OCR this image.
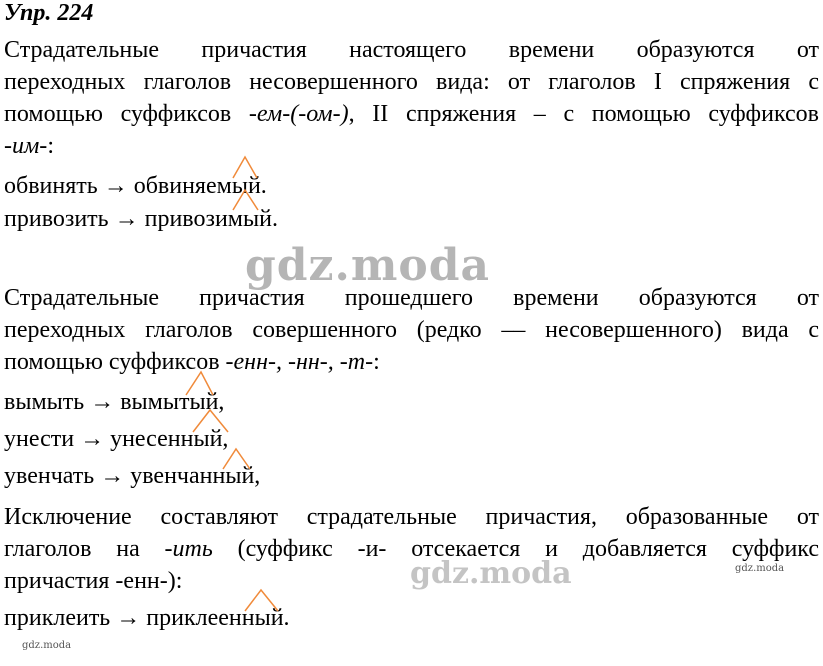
Упр. 224
Страдательные причастия настоящего времени образуются от
переходных глаголов несовершенного вида: от глаголов I спряжения с
помощью суффиксов -ем-(-ом-), II спряжения – с помощью суффиксов
-им-:
обвинять → обвиняемый.
привозить → привозимый.
gdz.moda
Страдательные причастия прошедшего времени образуются от
переходных глаголов совершенного (редко –– несовершенного) вида с
помощью суффиксов -енн-, -нн-, -т-:
вымыть → вымытый,
унести → унесенный,
увенчать → увенчанный,
Исключение составляют страдательные причастия, образованные от
глаголов на -ить (суффикс -и- отсекается и добавляется суффикс
причастия -енн-):	gdz.moda	gdz.moda
gdz.moda
приклеить → приклеенный.
